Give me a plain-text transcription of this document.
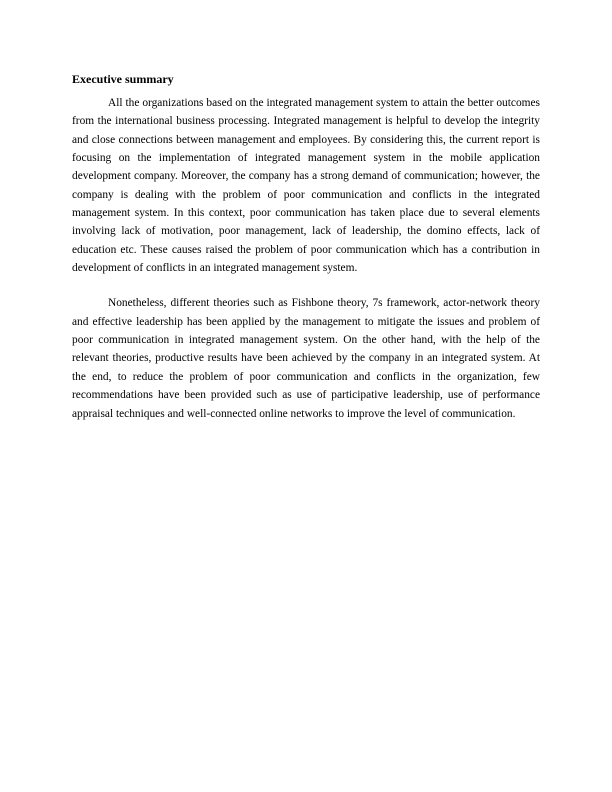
Executive summary

All the organizations based on the integrated management system to attain the better outcomes from the international business processing. Integrated management is helpful to develop the integrity and close connections between management and employees. By considering this, the current report is focusing on the implementation of integrated management system in the mobile application development company. Moreover, the company has a strong demand of communication; however, the company is dealing with the problem of poor communication and conflicts in the integrated management system. In this context, poor communication has taken place due to several elements involving lack of motivation, poor management, lack of leadership, the domino effects, lack of education etc. These causes raised the problem of poor communication which has a contribution in development of conflicts in an integrated management system.

Nonetheless, different theories such as Fishbone theory, 7s framework, actor-network theory and effective leadership has been applied by the management to mitigate the issues and problem of poor communication in integrated management system. On the other hand, with the help of the relevant theories, productive results have been achieved by the company in an integrated system. At the end, to reduce the problem of poor communication and conflicts in the organization, few recommendations have been provided such as use of participative leadership, use of performance appraisal techniques and well-connected online networks to improve the level of communication.
